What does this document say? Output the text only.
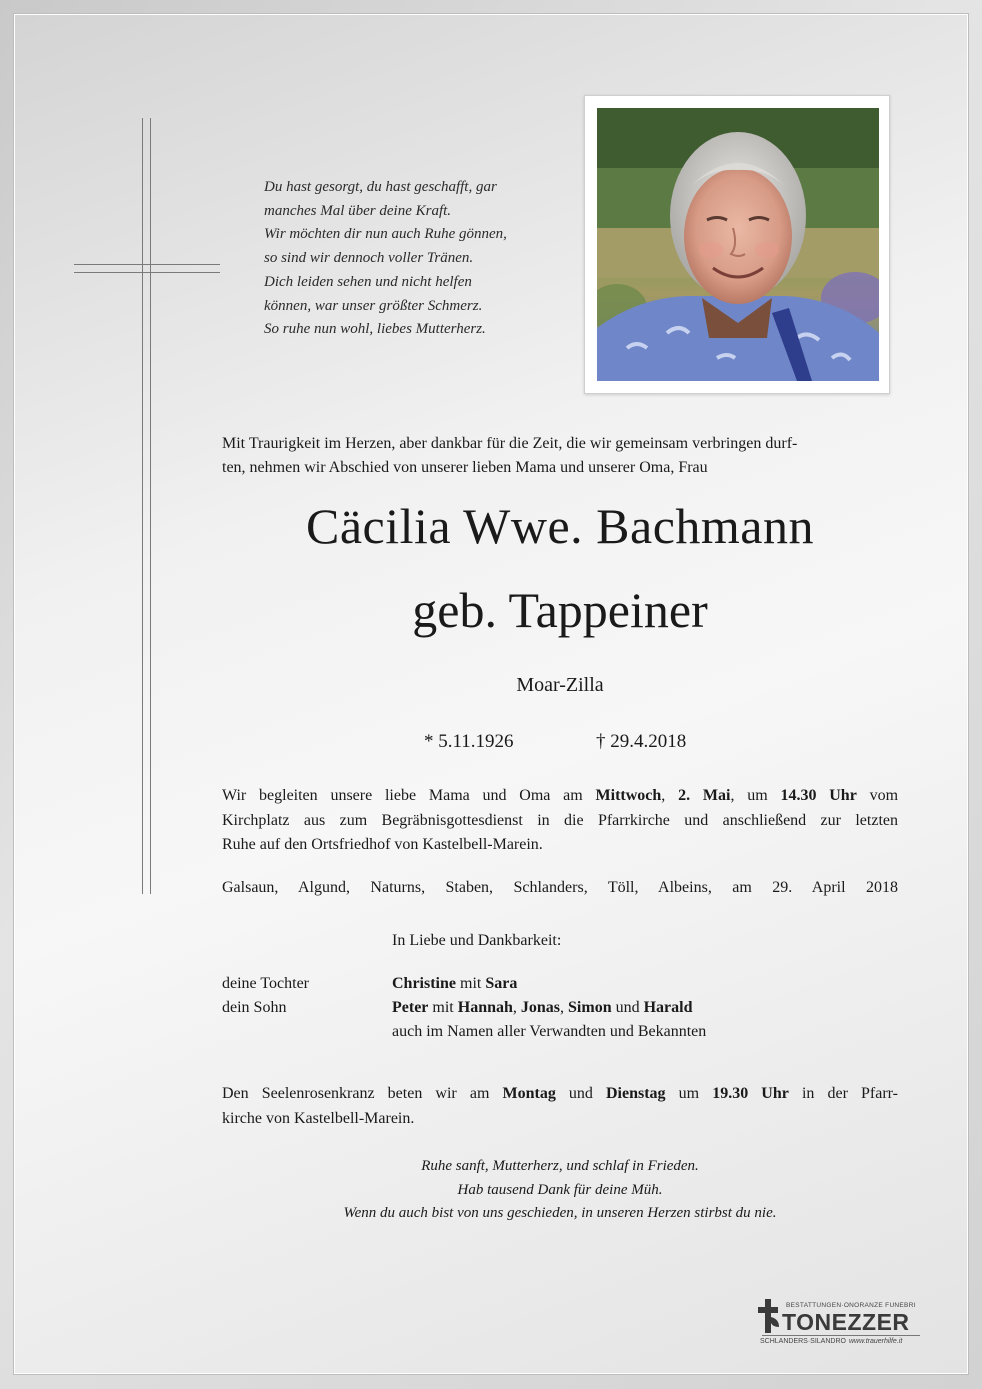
Du hast gesorgt, du hast geschafft, gar
manches Mal über deine Kraft.
Wir möchten dir nun auch Ruhe gönnen,
so sind wir dennoch voller Tränen.
Dich leiden sehen und nicht helfen
können, war unser größter Schmerz.
So ruhe nun wohl, liebes Mutterherz.
Mit Traurigkeit im Herzen, aber dankbar für die Zeit, die wir gemeinsam verbringen durf-
ten, nehmen wir Abschied von unserer lieben Mama und unserer Oma, Frau
Cäcilia Wwe. Bachmann
geb. Tappeiner
Moar-Zilla
* 5.11.1926	† 29.4.2018
Wir begleiten unsere liebe Mama und Oma am Mittwoch, 2. Mai, um 14.30 Uhr vom
Kirchplatz aus zum Begräbnisgottesdienst in die Pfarrkirche und anschließend zur letzten
Ruhe auf den Ortsfriedhof von Kastelbell-Marein.
Galsaun, Algund, Naturns, Staben, Schlanders, Töll, Albeins, am 29. April 2018
In Liebe und Dankbarkeit:
deine Tochter	Christine mit Sara
dein Sohn	Peter mit Hannah, Jonas, Simon und Harald
auch im Namen aller Verwandten und Bekannten
Den Seelenrosenkranz beten wir am Montag und Dienstag um 19.30 Uhr in der Pfarr-
kirche von Kastelbell-Marein.
Ruhe sanft, Mutterherz, und schlaf in Frieden.
Hab tausend Dank für deine Müh.
Wenn du auch bist von uns geschieden, in unseren Herzen stirbst du nie.
BESTATTUNGEN·ONORANZE FUNEBRI
TONEZZER
SCHLANDERS·SILANDRO www.trauerhilfe.it
